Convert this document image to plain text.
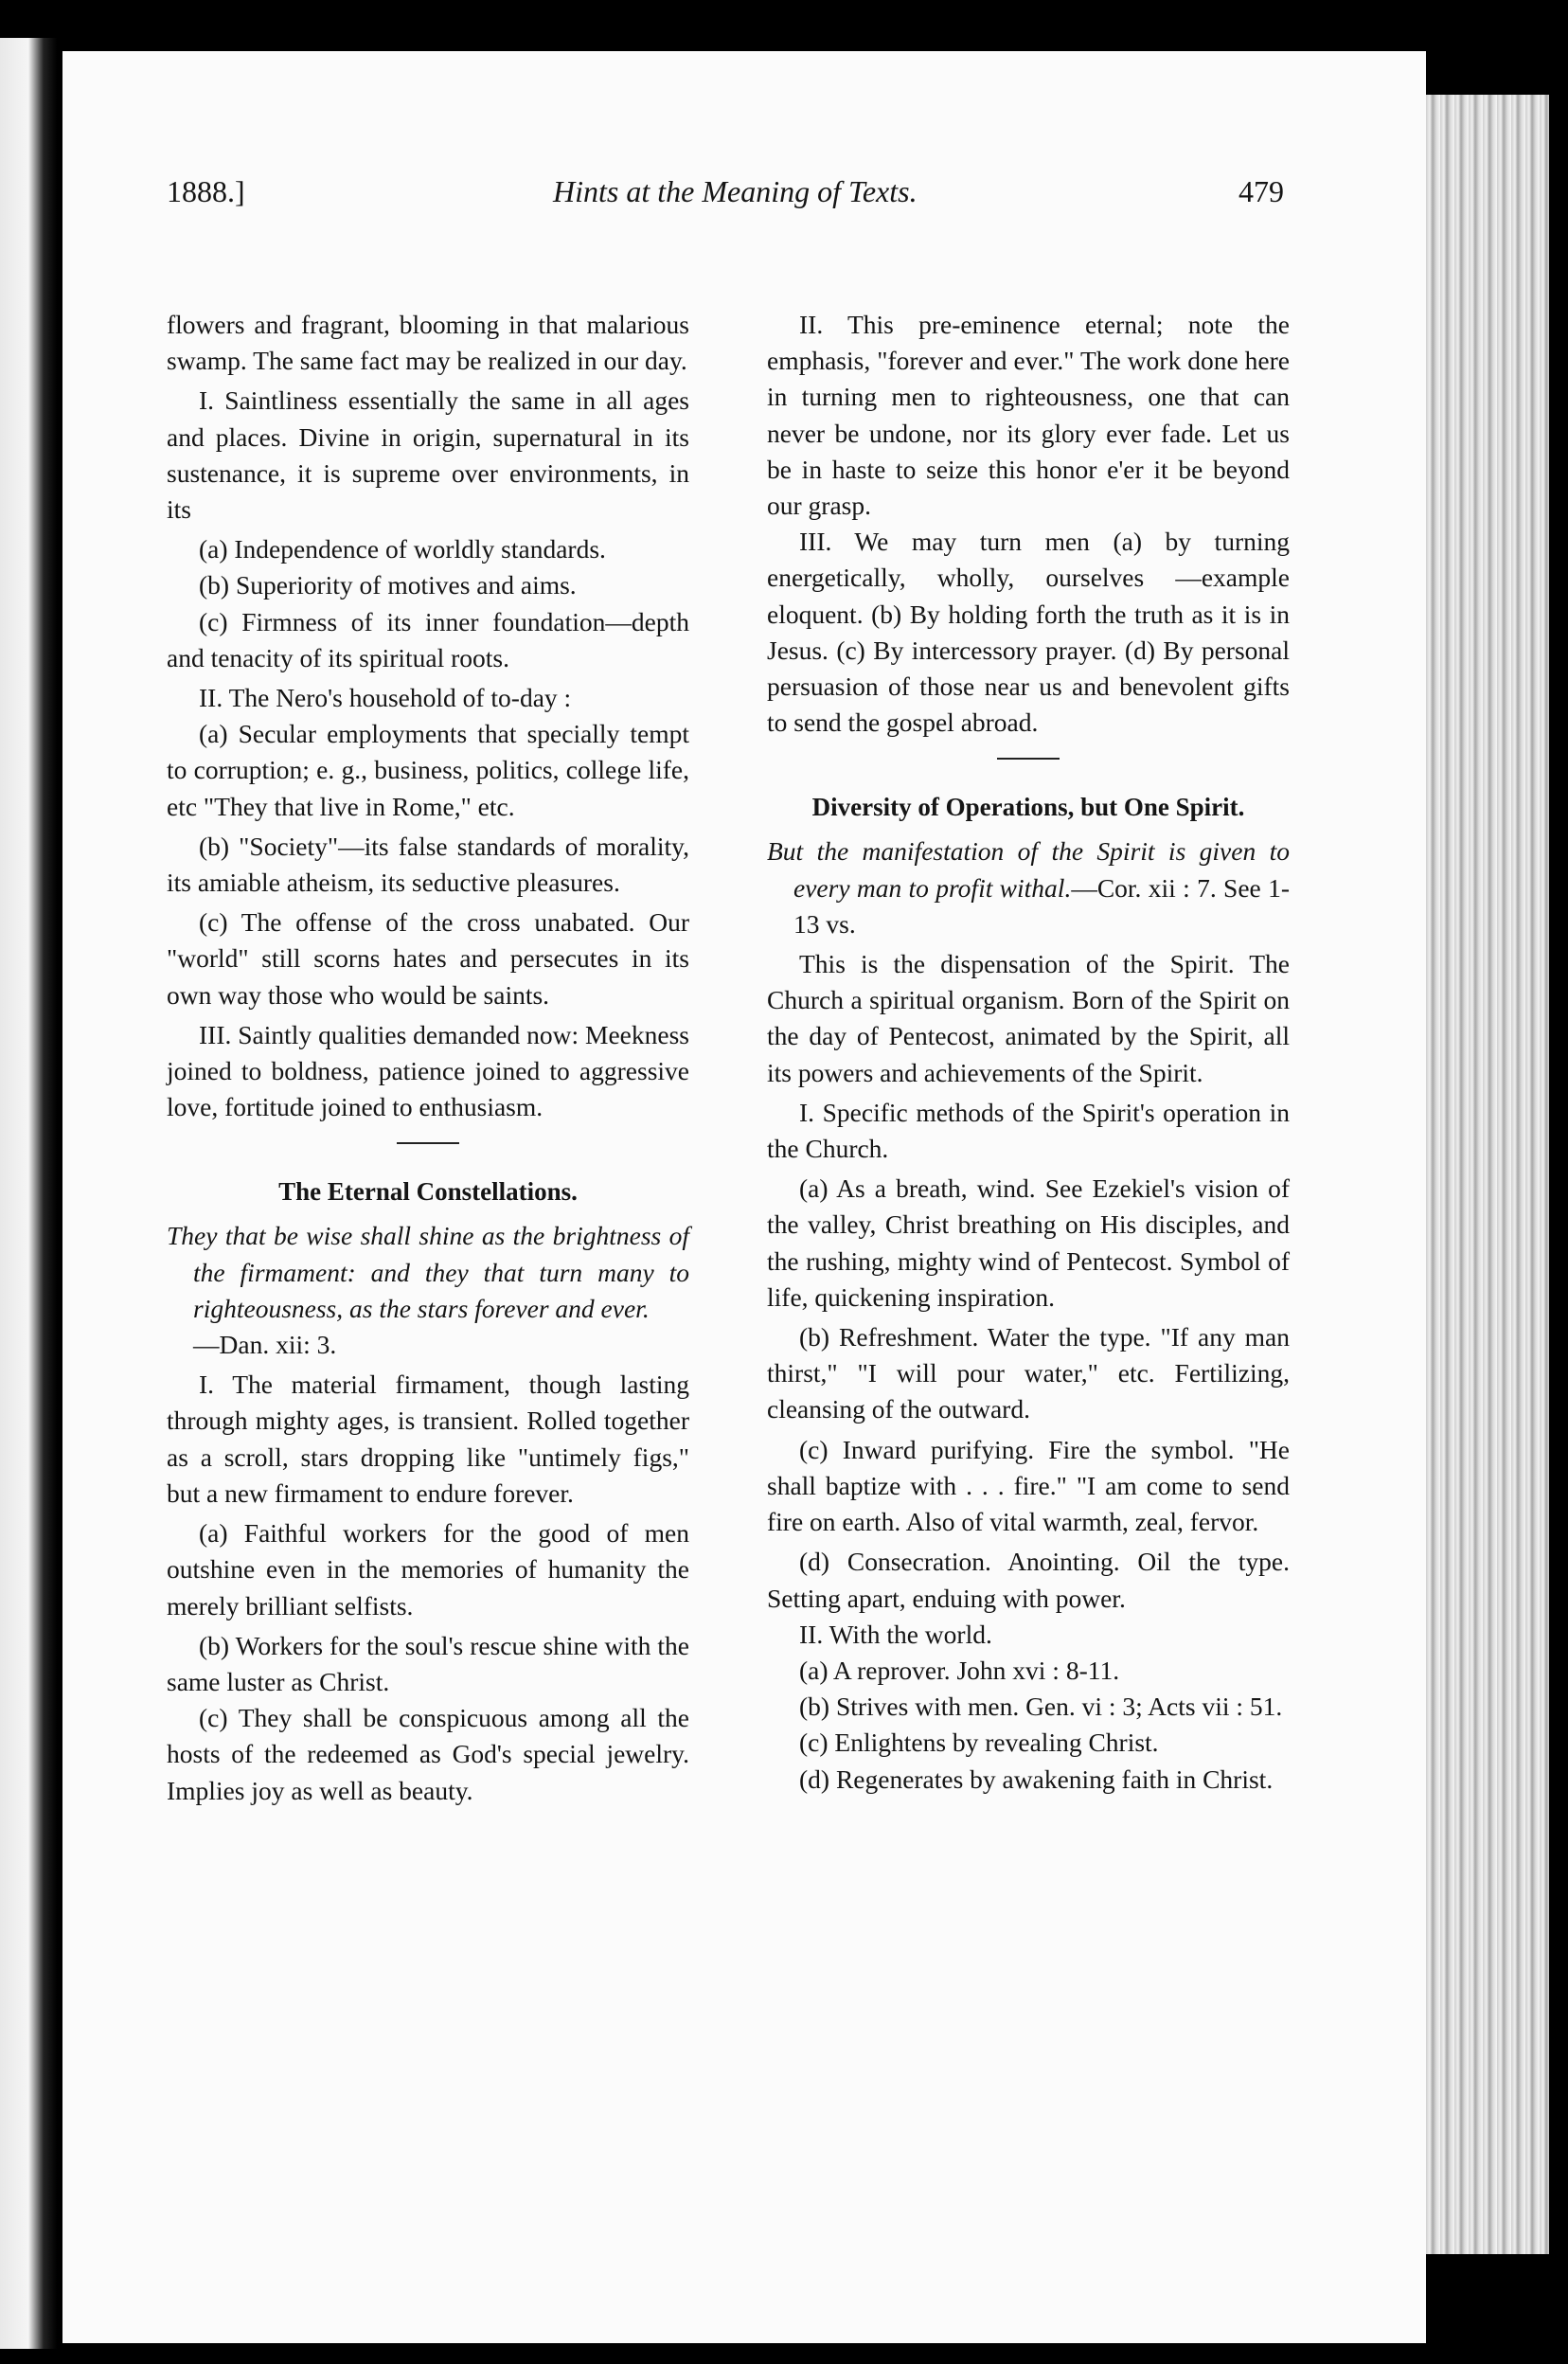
1888.]	Hints at the Meaning of Texts.	479

flowers and fragrant, blooming in that malarious swamp. The same fact may be realized in our day.

I. Saintliness essentially the same in all ages and places. Divine in origin, supernatural in its sustenance, it is supreme over environments, in its

(a) Independence of worldly standards.

(b) Superiority of motives and aims.

(c) Firmness of its inner foundation—depth and tenacity of its spiritual roots.

II. The Nero's household of to-day :

(a) Secular employments that specially tempt to corruption; e. g., business, politics, college life, etc "They that live in Rome," etc.

(b) "Society"—its false standards of morality, its amiable atheism, its seductive pleasures.

(c) The offense of the cross unabated. Our "world" still scorns hates and persecutes in its own way those who would be saints.

III. Saintly qualities demanded now: Meekness joined to boldness, patience joined to aggressive love, fortitude joined to enthusiasm.

The Eternal Constellations.

They that be wise shall shine as the brightness of the firmament: and they that turn many to righteousness, as the stars forever and ever.
—Dan. xii: 3.

I. The material firmament, though lasting through mighty ages, is transient. Rolled together as a scroll, stars dropping like "untimely figs," but a new firmament to endure forever.

(a) Faithful workers for the good of men outshine even in the memories of humanity the merely brilliant selfists.

(b) Workers for the soul's rescue shine with the same luster as Christ.

(c) They shall be conspicuous among all the hosts of the redeemed as God's special jewelry. Implies joy as well as beauty.

II. This pre-eminence eternal; note the emphasis, "forever and ever." The work done here in turning men to righteousness, one that can never be undone, nor its glory ever fade. Let us be in haste to seize this honor e'er it be beyond our grasp.

III. We may turn men (a) by turning energetically, wholly, ourselves —example eloquent. (b) By holding forth the truth as it is in Jesus. (c) By intercessory prayer. (d) By personal persuasion of those near us and benevolent gifts to send the gospel abroad.

Diversity of Operations, but One Spirit.

But the manifestation of the Spirit is given to every man to profit withal.—Cor. xii : 7. See 1-13 vs.

This is the dispensation of the Spirit. The Church a spiritual organism. Born of the Spirit on the day of Pentecost, animated by the Spirit, all its powers and achievements of the Spirit.

I. Specific methods of the Spirit's operation in the Church.

(a) As a breath, wind. See Ezekiel's vision of the valley, Christ breathing on His disciples, and the rushing, mighty wind of Pentecost. Symbol of life, quickening inspiration.

(b) Refreshment. Water the type. "If any man thirst," "I will pour water," etc. Fertilizing, cleansing of the outward.

(c) Inward purifying. Fire the symbol. "He shall baptize with . . . fire." "I am come to send fire on earth. Also of vital warmth, zeal, fervor.

(d) Consecration. Anointing. Oil the type. Setting apart, enduing with power.

II. With the world.

(a) A reprover. John xvi : 8-11.

(b) Strives with men. Gen. vi : 3; Acts vii : 51.

(c) Enlightens by revealing Christ.

(d) Regenerates by awakening faith in Christ.
